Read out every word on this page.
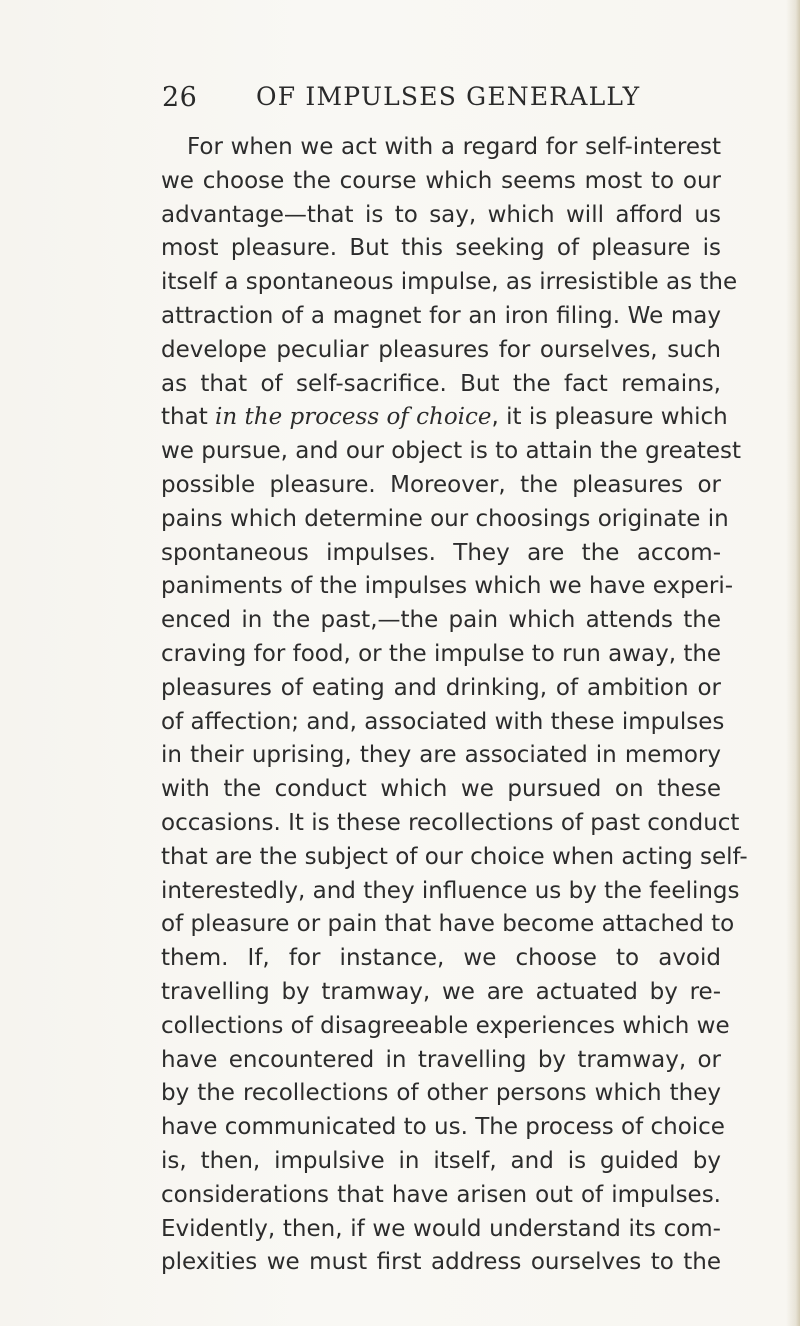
26 OF IMPULSES GENERALLY
For when we act with a regard for self-interest
we choose the course which seems most to our
advantage—that is to say, which will afford us
most pleasure. But this seeking of pleasure is
itself a spontaneous impulse, as irresistible as the
attraction of a magnet for an iron filing. We may
develope peculiar pleasures for ourselves, such
as that of self-sacrifice. But the fact remains,
that in the process of choice, it is pleasure which
we pursue, and our object is to attain the greatest
possible pleasure. Moreover, the pleasures or
pains which determine our choosings originate in
spontaneous impulses. They are the accom-
paniments of the impulses which we have experi-
enced in the past,—the pain which attends the
craving for food, or the impulse to run away, the
pleasures of eating and drinking, of ambition or
of affection; and, associated with these impulses
in their uprising, they are associated in memory
with the conduct which we pursued on these
occasions. It is these recollections of past conduct
that are the subject of our choice when acting self-
interestedly, and they influence us by the feelings
of pleasure or pain that have become attached to
them. If, for instance, we choose to avoid
travelling by tramway, we are actuated by re-
collections of disagreeable experiences which we
have encountered in travelling by tramway, or
by the recollections of other persons which they
have communicated to us. The process of choice
is, then, impulsive in itself, and is guided by
considerations that have arisen out of impulses.
Evidently, then, if we would understand its com-
plexities we must first address ourselves to the
